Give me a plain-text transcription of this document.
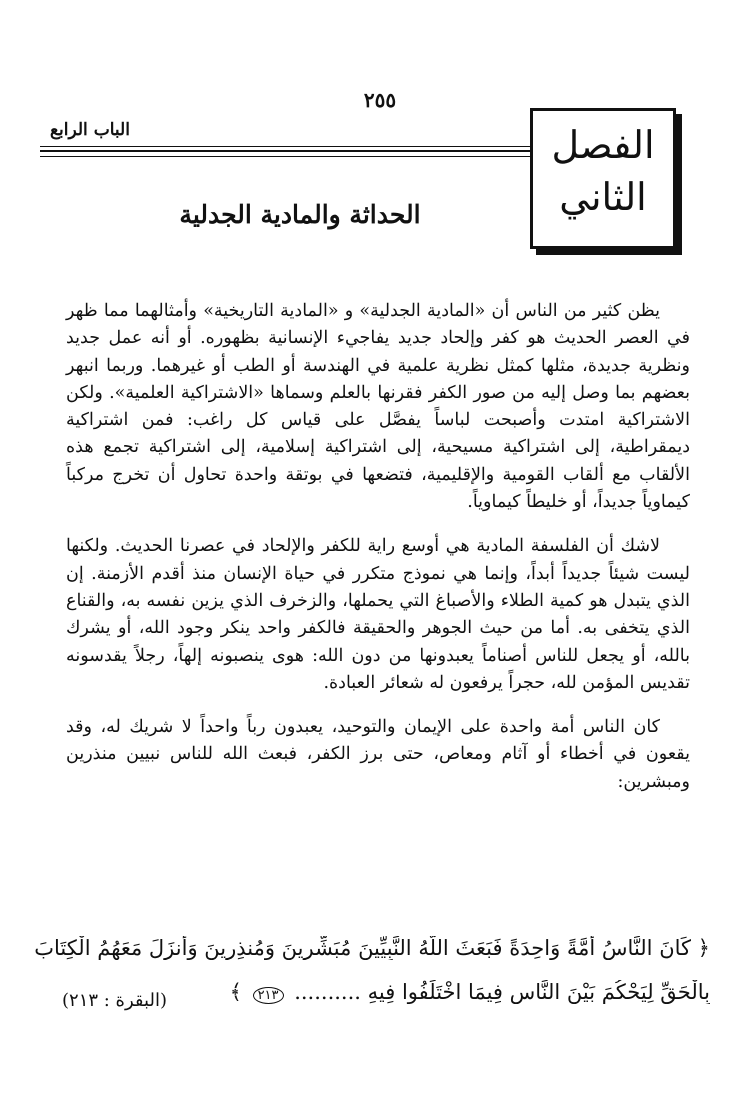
٢٥٥
الباب الرابع	الفصل
الثاني
الحداثة والمادية الجدلية

يظن كثير من الناس أن «المادية الجدلية» و «المادية التاريخية» وأمثالهما مما ظهر في العصر الحديث هو كفر وإلحاد جديد يفاجيء الإنسانية بظهوره. أو أنه عمل جديد ونظرية جديدة، مثلها كمثل نظرية علمية في الهندسة أو الطب أو غيرهما. وربما انبهر بعضهم بما وصل إليه من صور الكفر فقرنها بالعلم وسماها «الاشتراكية العلمية». ولكن الاشتراكية امتدت وأصبحت لباساً يفصَّل على قياس كل راغب: فمن اشتراكية ديمقراطية، إلى اشتراكية مسيحية، إلى اشتراكية إسلامية، إلى اشتراكية تجمع هذه الألقاب مع ألقاب القومية والإقليمية، فتضعها في بوتقة واحدة تحاول أن تخرج مركباً كيماوياً جديداً، أو خليطاً كيماوياً.

لاشك أن الفلسفة المادية هي أوسع راية للكفر والإلحاد في عصرنا الحديث. ولكنها ليست شيئاً جديداً أبداً، وإنما هي نموذج متكرر في حياة الإنسان منذ أقدم الأزمنة. إن الذي يتبدل هو كمية الطلاء والأصباغ التي يحملها، والزخرف الذي يزين نفسه به، والقناع الذي يتخفى به. أما من حيث الجوهر والحقيقة فالكفر واحد ينكر وجود الله، أو يشرك بالله، أو يجعل للناس أصناماً يعبدونها من دون الله: هوى ينصبونه إلهاً، رجلاً يقدسونه تقديس المؤمن لله، حجراً يرفعون له شعائر العبادة.

كان الناس أمة واحدة على الإيمان والتوحيد، يعبدون رباً واحداً لا شريك له، وقد يقعون في أخطاء أو آثام ومعاص، حتى برز الكفر، فبعث الله للناس نبيين منذرين ومبشرين:

﴿ كَانَ النَّاسُ أُمَّةً وَاحِدَةً فَبَعَثَ اللَّهُ النَّبِيِّينَ مُبَشِّرِينَ وَمُنذِرِينَ وَأَنزَلَ مَعَهُمُ الْكِتَابَ
بِالْحَقِّ لِيَحْكُمَ بَيْنَ النَّاسِ فِيمَا اخْتَلَفُوا فِيهِ .......... ٢١٣ ﴾
(البقرة : ٢١٣)
